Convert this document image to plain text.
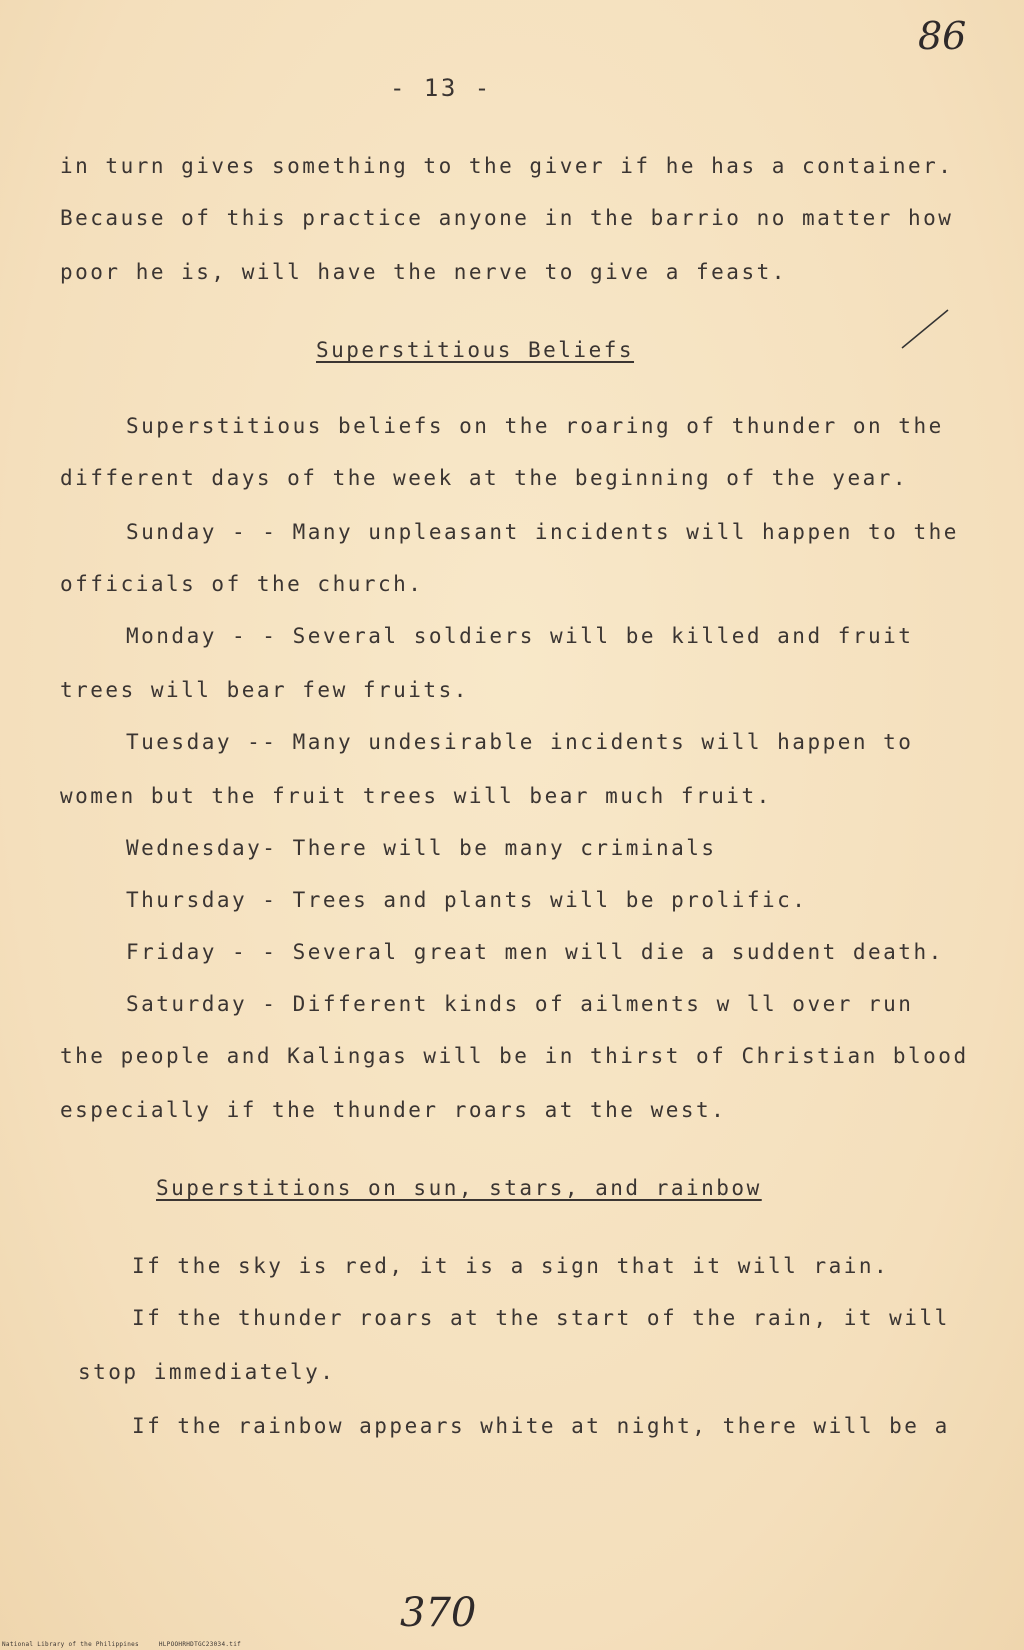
86
- 13 -
in turn gives something to the giver if he has a container.
Because of this practice anyone in the barrio no matter how
poor he is, will have the nerve to give a feast.
Superstitious Beliefs
Superstitious beliefs on the roaring of thunder on the
different days of the week at the beginning of the year.
Sunday - - Many unpleasant incidents will happen to the
officials of the church.
Monday - - Several soldiers will be killed and fruit
trees will bear few fruits.
Tuesday -- Many undesirable incidents will happen to
women but the fruit trees will bear much fruit.
Wednesday- There will be many criminals
Thursday - Trees and plants will be prolific.
Friday - - Several great men will die a suddent death.
Saturday - Different kinds of ailments w ll over run
the people and Kalingas will be in thirst of Christian blood
especially if the thunder roars at the west.
Superstitions on sun, stars, and rainbow
If the sky is red, it is a sign that it will rain.
If the thunder roars at the start of the rain, it will
stop immediately.
If the rainbow appears white at night, there will be a
370
National Library of the Philippines	HLPOOHRHDTGC23034.tif
